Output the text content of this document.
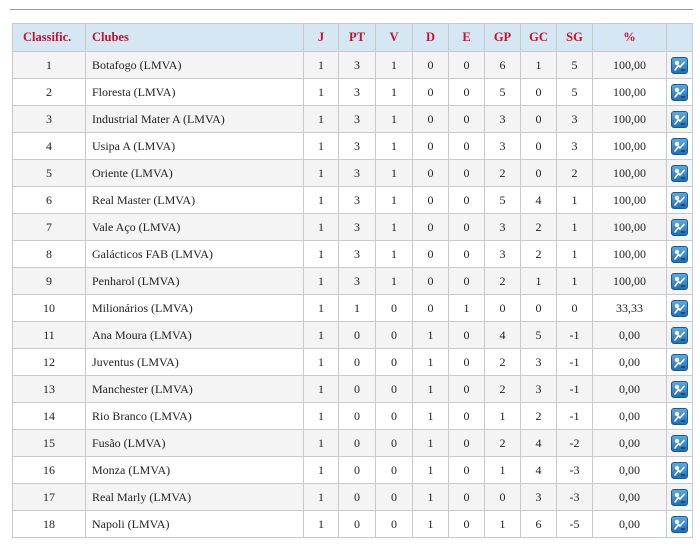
Classific.	Clubes	J	PT	V	D	E	GP	GC	SG	%	
1	Botafogo (LMVA)	1	3	1	0	0	6	1	5	100,00	

2	Floresta (LMVA)	1	3	1	0	0	5	0	5	100,00	

3	Industrial Mater A (LMVA)	1	3	1	0	0	3	0	3	100,00	

4	Usipa A (LMVA)	1	3	1	0	0	3	0	3	100,00	

5	Oriente (LMVA)	1	3	1	0	0	2	0	2	100,00	

6	Real Master (LMVA)	1	3	1	0	0	5	4	1	100,00	

7	Vale Aço (LMVA)	1	3	1	0	0	3	2	1	100,00	

8	Galácticos FAB (LMVA)	1	3	1	0	0	3	2	1	100,00	

9	Penharol (LMVA)	1	3	1	0	0	2	1	1	100,00	

10	Milionários (LMVA)	1	1	0	0	1	0	0	0	33,33	

11	Ana Moura (LMVA)	1	0	0	1	0	4	5	-1	0,00	

12	Juventus (LMVA)	1	0	0	1	0	2	3	-1	0,00	

13	Manchester (LMVA)	1	0	0	1	0	2	3	-1	0,00	

14	Rio Branco (LMVA)	1	0	0	1	0	1	2	-1	0,00	

15	Fusão (LMVA)	1	0	0	1	0	2	4	-2	0,00	

16	Monza (LMVA)	1	0	0	1	0	1	4	-3	0,00	

17	Real Marly (LMVA)	1	0	0	1	0	0	3	-3	0,00	

18	Napoli (LMVA)	1	0	0	1	0	1	6	-5	0,00	
